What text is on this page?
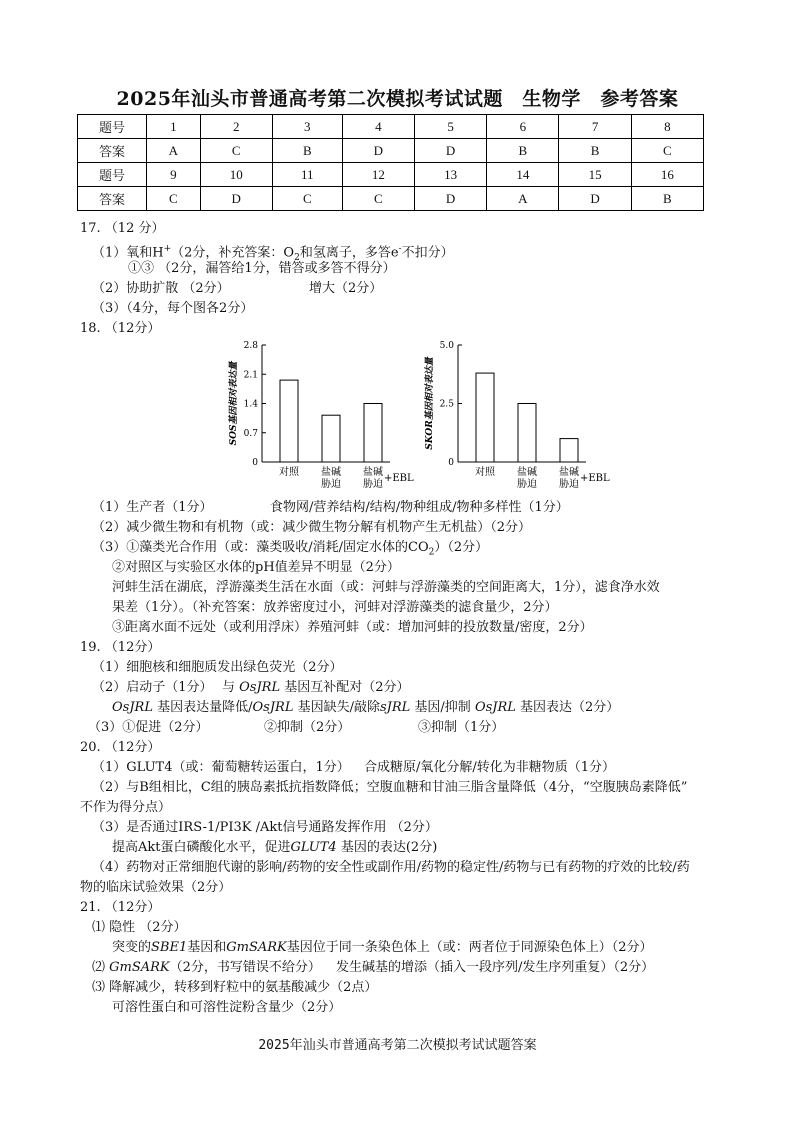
2025年汕头市普通高考第二次模拟考试试题　生物学　参考答案
题号	1	2	3	4	5	6	7	8
答案	A	C	B	D	D	B	B	C
题号	9	10	11	12	13	14	15	16
答案	C	D	C	C	D	A	D	B
17. （12 分）
（1）氧和H+（2分，补充答案：$O_2$和氢离子，多答e-不扣分）
①③ （2分，漏答给1分，错答或多答不得分）
（2）协助扩散 （2分）	增大（2分）
（3）（4分，每个图各2分）
18. （12分）
0
0.7
1.4
2.1
2.8
SOS基因相对表达量
对照 盐碱
胁迫
盐碱
胁迫
+EBL
0
2.5
5.0
SKOR基因相对表达量
对照 盐碱
胁迫
盐碱
胁迫
+EBL
（1）生产者（1分）	食物网/营养结构/结构/物种组成/物种多样性（1分）
（2）减少微生物和有机物（或：减少微生物分解有机物产生无机盐）（2分）
（3）①藻类光合作用（或：藻类吸收/消耗/固定水体的$CO_2)(2$分）
②对照区与实验区水体的pH值差异不明显（2分）
河蚌生活在湖底，浮游藻类生活在水面（或：河蚌与浮游藻类的空间距离大，1分），滤食净水效
果差（1分）。（补充答案：放养密度过小，河蚌对浮游藻类的滤食量少，2分）
③距离水面不远处（或利用浮床）养殖河蚌（或：增加河蚌的投放数量/密度，2分）
19. （12分）
（1）细胞核和细胞质发出绿色荧光（2分）
（2）启动子（1分） 与 OsJRL 基因互补配对（2分）
OsJRL 基因表达量降低/OsJRL 基因缺失/敲除sJRL 基因/抑制 OsJRL 基因表达（2分）
（3）①促进（2分）	②抑制（2分）	③抑制（1分）
20. （12分）
（1）GLUT4（或：葡萄糖转运蛋白，1分） 合成糖原/氧化分解/转化为非糖物质（1分）
（2）与B组相比，C组的胰岛素抵抗指数降低；空腹血糖和甘油三脂含量降低（4分，“空腹胰岛素降低”
不作为得分点）
（3）是否通过IRS-1/PI3K /Akt信号通路发挥作用 （2分）
提高Akt蛋白磷酸化水平，促进GLUT4 基因的表达(2分)
（4）药物对正常细胞代谢的影响/药物的安全性或副作用/药物的稳定性/药物与已有药物的疗效的比较/药
物的临床试验效果（2分）
21. （12分）
⑴ 隐性 （2分）
突变的SBE1基因和GmSARK基因位于同一条染色体上（或：两者位于同源染色体上）（2分）
⑵ GmSARK（2分，书写错误不给分） 发生碱基的增添（插入一段序列/发生序列重复）（2分）
⑶ 降解减少，转移到籽粒中的氨基酸减少（2点）
可溶性蛋白和可溶性淀粉含量少（2分）
2025年汕头市普通高考第二次模拟考试试题答案
